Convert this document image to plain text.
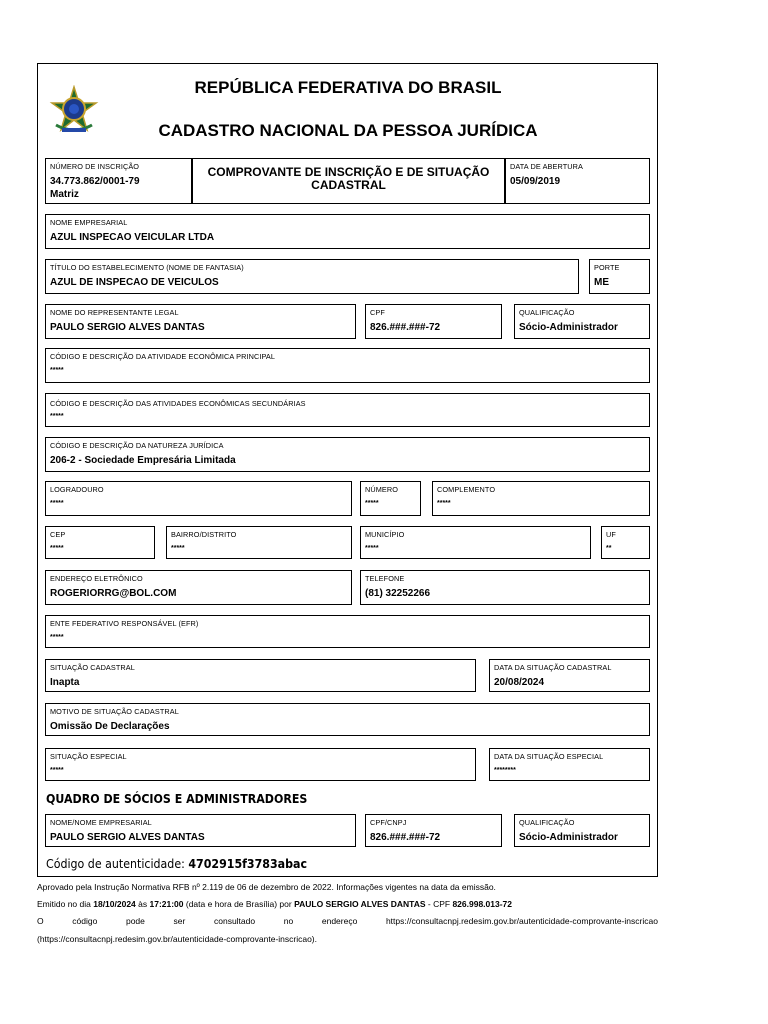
REPÚBLICA FEDERATIVA DO BRASIL
CADASTRO NACIONAL DA PESSOA JURÍDICA
NÚMERO DE INSCRIÇÃO
34.773.862/0001-79
Matriz
COMPROVANTE DE INSCRIÇÃO E DE SITUAÇÃO
CADASTRAL
DATA DE ABERTURA
05/09/2019
NOME EMPRESARIAL
AZUL INSPECAO VEICULAR LTDA
TÍTULO DO ESTABELECIMENTO (NOME DE FANTASIA)
AZUL DE INSPECAO DE VEICULOS
PORTE
ME
NOME DO REPRESENTANTE LEGAL
PAULO SERGIO ALVES DANTAS
CPF
826.###.###-72
QUALIFICAÇÃO
Sócio-Administrador
CÓDIGO E DESCRIÇÃO DA ATIVIDADE ECONÔMICA PRINCIPAL
*****
CÓDIGO E DESCRIÇÃO DAS ATIVIDADES ECONÔMICAS SECUNDÁRIAS
*****
CÓDIGO E DESCRIÇÃO DA NATUREZA JURÍDICA
206-2 - Sociedade Empresária Limitada
LOGRADOURO
*****
NÚMERO
*****
COMPLEMENTO
*****
CEP
*****
BAIRRO/DISTRITO
*****
MUNICÍPIO
*****
UF
**
ENDEREÇO ELETRÔNICO
ROGERIORRG@BOL.COM
TELEFONE
(81) 32252266
ENTE FEDERATIVO RESPONSÁVEL (EFR)
*****
SITUAÇÃO CADASTRAL
Inapta
DATA DA SITUAÇÃO CADASTRAL
20/08/2024
MOTIVO DE SITUAÇÃO CADASTRAL
Omissão De Declarações
SITUAÇÃO ESPECIAL
*****
DATA DA SITUAÇÃO ESPECIAL
********
QUADRO DE SÓCIOS E ADMINISTRADORES
NOME/NOME EMPRESARIAL
PAULO SERGIO ALVES DANTAS
CPF/CNPJ
826.###.###-72
QUALIFICAÇÃO
Sócio-Administrador
Código de autenticidade: 4702915f3783abac
Aprovado pela Instrução Normativa RFB nº 2.119 de 06 de dezembro de 2022. Informações vigentes na data da emissão.
Emitido no dia 18/10/2024 às 17:21:00 (data e hora de Brasília) por PAULO SERGIO ALVES DANTAS - CPF 826.998.013-72
O	código	pode	ser	consultado	no	endereço	https://consultacnpj.redesim.gov.br/autenticidade-comprovante-inscricao
(https://consultacnpj.redesim.gov.br/autenticidade-comprovante-inscricao).
